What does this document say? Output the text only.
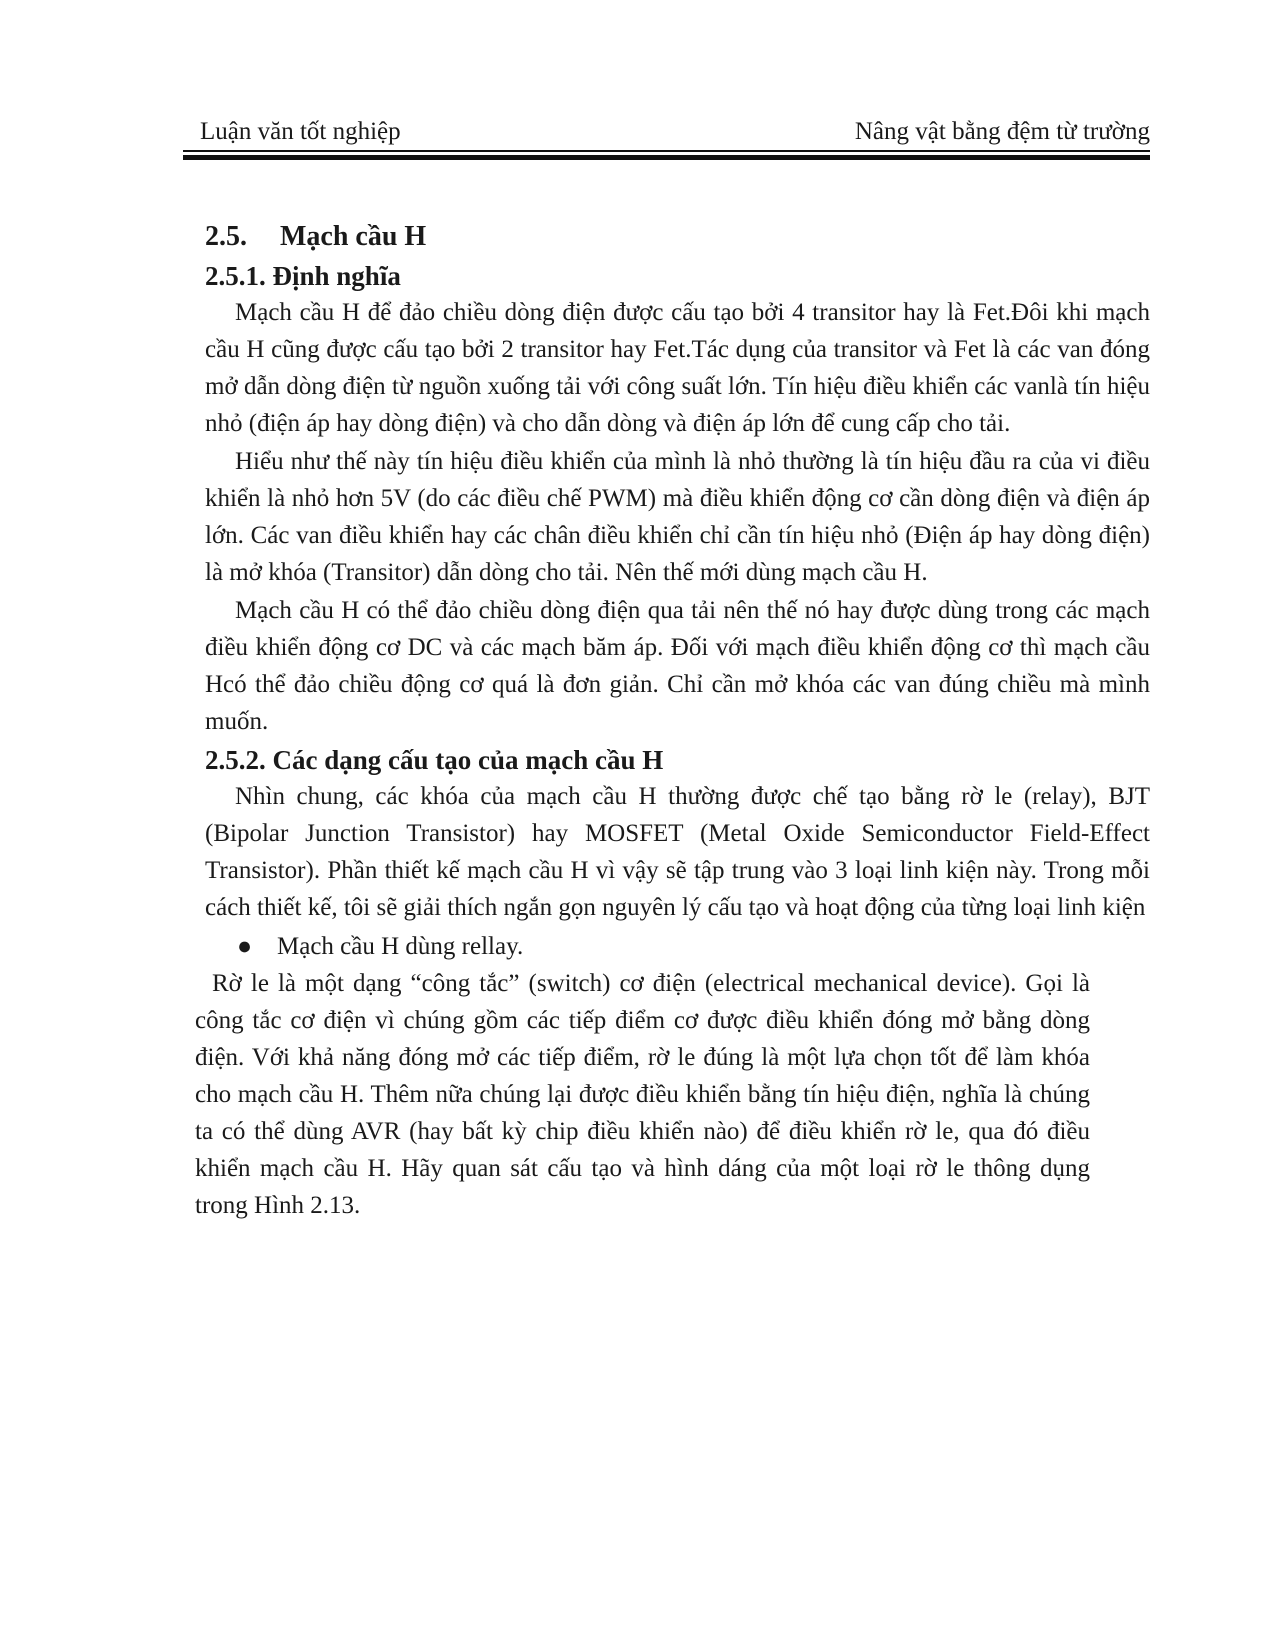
Luận văn tốt nghiệp	Nâng vật bằng đệm từ trường
2.5.	Mạch cầu H
2.5.1. Định nghĩa

Mạch cầu H để đảo chiều dòng điện được cấu tạo bởi 4 transitor hay là Fet.Đôi khi mạch cầu H cũng được cấu tạo bởi 2 transitor hay Fet.Tác dụng của transitor và Fet là các van đóng mở dẫn dòng điện từ nguồn xuống tải với công suất lớn. Tín hiệu điều khiển các vanlà tín hiệu nhỏ (điện áp hay dòng điện) và cho dẫn dòng và điện áp lớn để cung cấp cho tải.

Hiểu như thế này tín hiệu điều khiển của mình là nhỏ thường là tín hiệu đầu ra của vi điều khiển là nhỏ hơn 5V (do các điều chế PWM) mà điều khiển động cơ cần dòng điện và điện áp lớn. Các van điều khiển hay các chân điều khiển chỉ cần tín hiệu nhỏ (Điện áp hay dòng điện) là mở khóa (Transitor) dẫn dòng cho tải. Nên thế mới dùng mạch cầu H.

Mạch cầu H có thể đảo chiều dòng điện qua tải nên thế nó hay được dùng trong các mạch điều khiển động cơ DC và các mạch băm áp. Đối với mạch điều khiển động cơ thì mạch cầu Hcó thể đảo chiều động cơ quá là đơn giản. Chỉ cần mở khóa các van đúng chiều mà mình muốn.

2.5.2. Các dạng cấu tạo của mạch cầu H

Nhìn chung, các khóa của mạch cầu H thường được chế tạo bằng rờ le (relay), BJT (Bipolar Junction Transistor) hay MOSFET (Metal Oxide Semiconductor Field-Effect Transistor). Phần thiết kế mạch cầu H vì vậy sẽ tập trung vào 3 loại linh kiện này. Trong mỗi cách thiết kế, tôi sẽ giải thích ngắn gọn nguyên lý cấu tạo và hoạt động của từng loại linh kiện

● Mạch cầu H dùng rellay.

Rờ le là một dạng “công tắc” (switch) cơ điện (electrical mechanical device). Gọi là công tắc cơ điện vì chúng gồm các tiếp điểm cơ được điều khiển đóng mở bằng dòng điện. Với khả năng đóng mở các tiếp điểm, rờ le đúng là một lựa chọn tốt để làm khóa cho mạch cầu H. Thêm nữa chúng lại được điều khiển bằng tín hiệu điện, nghĩa là chúng ta có thể dùng AVR (hay bất kỳ chip điều khiển nào) để điều khiển rờ le, qua đó điều khiển mạch cầu H. Hãy quan sát cấu tạo và hình dáng của một loại rờ le thông dụng trong Hình 2.13.
